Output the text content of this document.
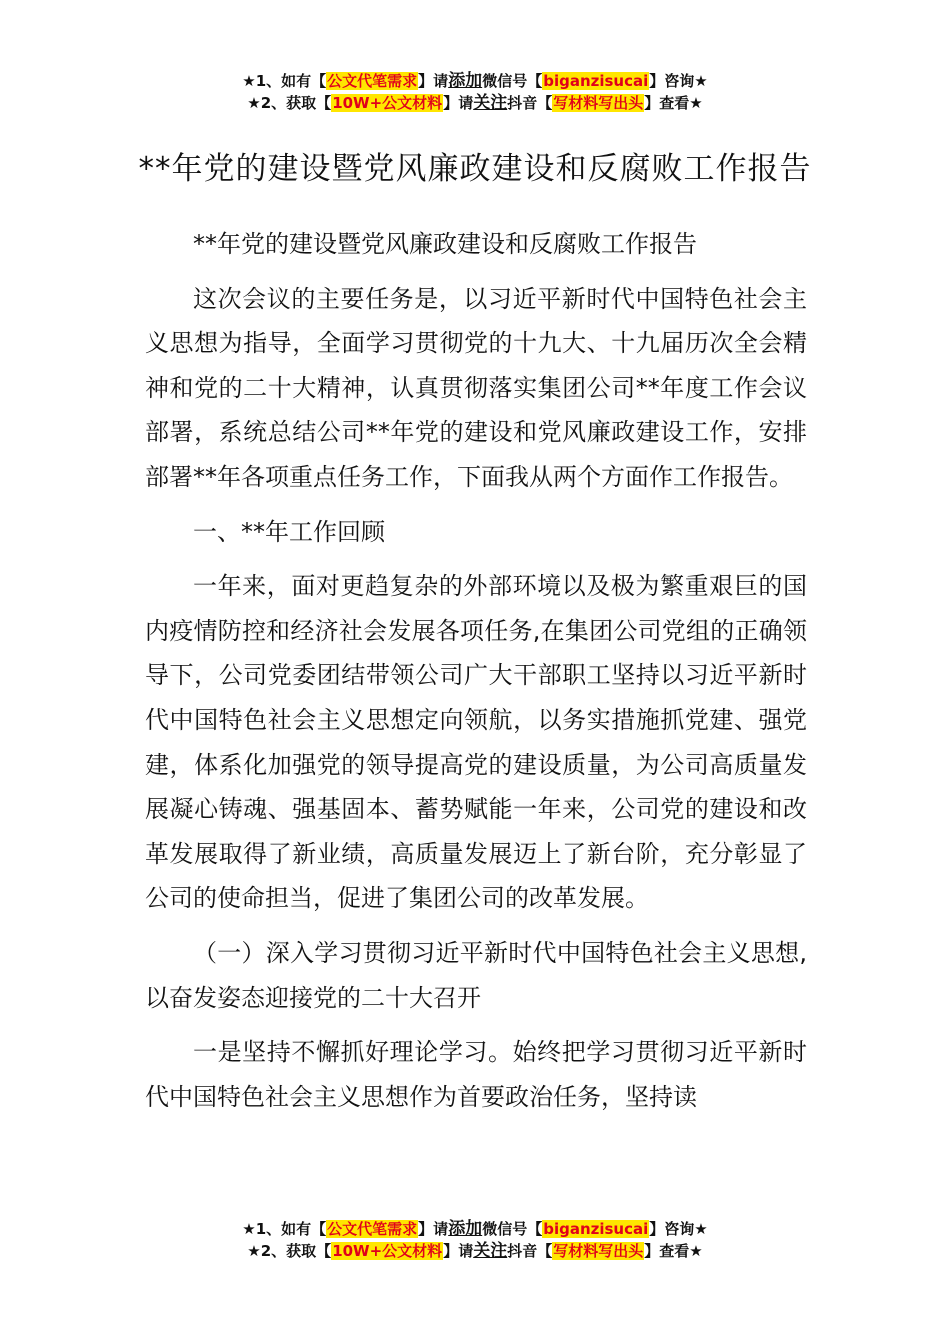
★1、如有【公文代笔需求】请添加微信号【biganzisucai】咨询★
★2、获取【10W+公文材料】请关注抖音【写材料写出头】查看★
**年党的建设暨党风廉政建设和反腐败工作报告

**年党的建设暨党风廉政建设和反腐败工作报告

这次会议的主要任务是，以习近平新时代中国特色社会主义思想为指导，全面学习贯彻党的十九大、十九届历次全会精神和党的二十大精神，认真贯彻落实集团公司**年度工作会议部署，系统总结公司**年党的建设和党风廉政建设工作，安排部署**年各项重点任务工作，下面我从两个方面作工作报告。

一、**年工作回顾

一年来，面对更趋复杂的外部环境以及极为繁重艰巨的国内疫情防控和经济社会发展各项任务,在集团公司党组的正确领导下，公司党委团结带领公司广大干部职工坚持以习近平新时代中国特色社会主义思想定向领航，以务实措施抓党建、强党建，体系化加强党的领导提高党的建设质量，为公司高质量发展凝心铸魂、强基固本、蓄势赋能一年来，公司党的建设和改革发展取得了新业绩，高质量发展迈上了新台阶，充分彰显了公司的使命担当，促进了集团公司的改革发展。

（一）深入学习贯彻习近平新时代中国特色社会主义思想,以奋发姿态迎接党的二十大召开

一是坚持不懈抓好理论学习。始终把学习贯彻习近平新时代中国特色社会主义思想作为首要政治任务，坚持读

★1、如有【公文代笔需求】请添加微信号【biganzisucai】咨询★
★2、获取【10W+公文材料】请关注抖音【写材料写出头】查看★
